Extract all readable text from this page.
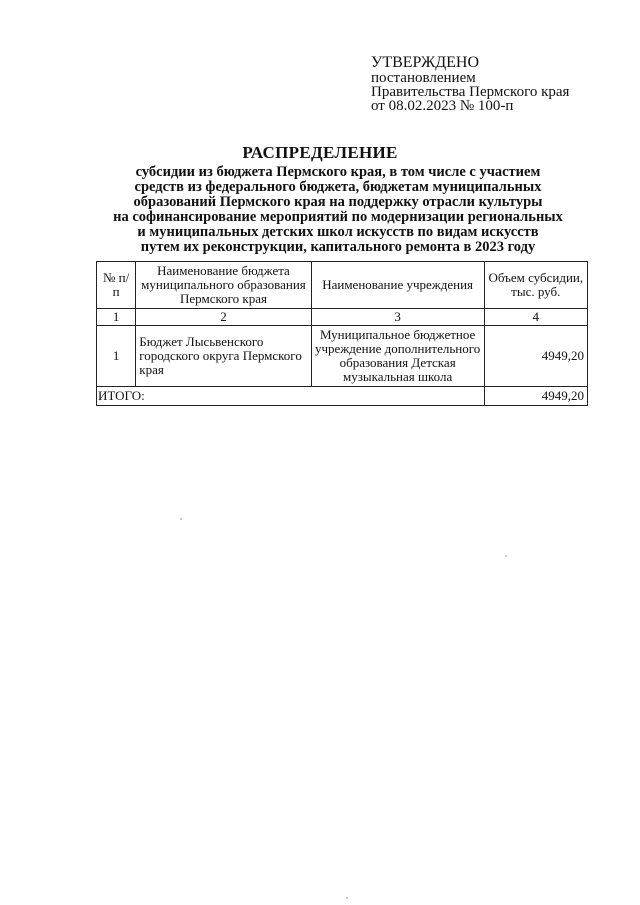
УТВЕРЖДЕНО
постановлением
Правительства Пермского края
от 08.02.2023 № 100-п
РАСПРЕДЕЛЕНИЕ
субсидии из бюджета Пермского края, в том числе с участием
средств из федерального бюджета, бюджетам муниципальных
образований Пермского края на поддержку отрасли культуры
на софинансирование мероприятий по модернизации региональных
и муниципальных детских школ искусств по видам искусств
путем их реконструкции, капитального ремонта в 2023 году
№ п/п	Наименование бюджета муниципального образования Пермского края	Наименование учреждения	Объем субсидии, тыс. руб.
1	2	3	4
1	Бюджет Лысьвенского городского округа Пермского края	Муниципальное бюджетное учреждение дополнительного образования Детская музыкальная школа	4949,20
ИТОГО:			4949,20
